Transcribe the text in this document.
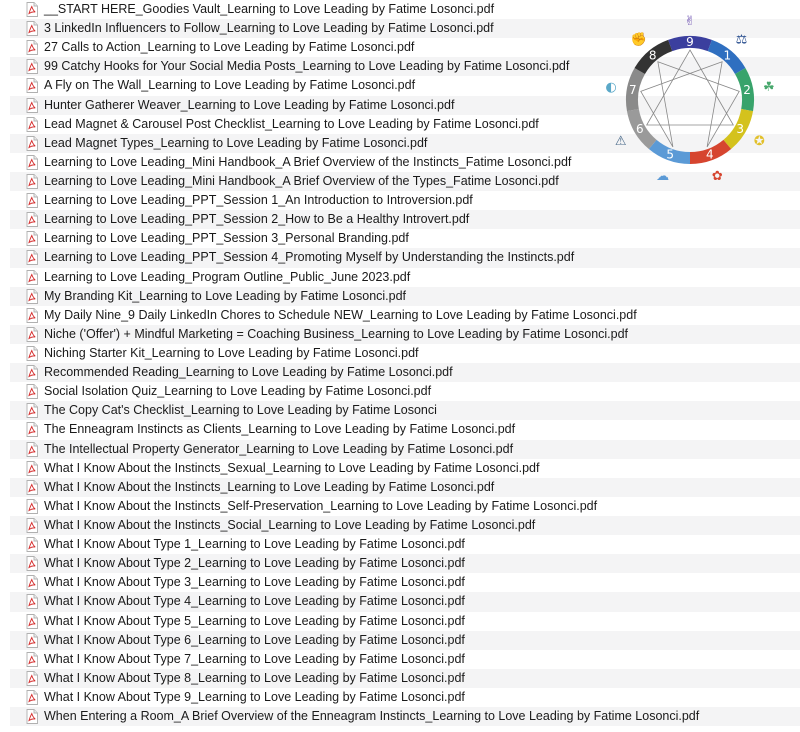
__START HERE_Goodies Vault_Learning to Love Leading by Fatime Losonci.pdf
3 LinkedIn Influencers to Follow_Learning to Love Leading by Fatime Losonci.pdf
27 Calls to Action_Learning to Love Leading by Fatime Losonci.pdf
99 Catchy Hooks for Your Social Media Posts_Learning to Love Leading by Fatime Losonci.pdf
A Fly on The Wall_Learning to Love Leading by Fatime Losonci.pdf
Hunter Gatherer Weaver_Learning to Love Leading by Fatime Losonci.pdf
Lead Magnet & Carousel Post Checklist_Learning to Love Leading by Fatime Losonci.pdf
Lead Magnet Types_Learning to Love Leading by Fatime Losonci.pdf
Learning to Love Leading_Mini Handbook_A Brief Overview of the Instincts_Fatime Losonci.pdf
Learning to Love Leading_Mini Handbook_A Brief Overview of the Types_Fatime Losonci.pdf
Learning to Love Leading_PPT_Session 1_An Introduction to Introversion.pdf
Learning to Love Leading_PPT_Session 2_How to Be a Healthy Introvert.pdf
Learning to Love Leading_PPT_Session 3_Personal Branding.pdf
Learning to Love Leading_PPT_Session 4_Promoting Myself by Understanding the Instincts.pdf
Learning to Love Leading_Program Outline_Public_June 2023.pdf
My Branding Kit_Learning to Love Leading by Fatime Losonci.pdf
My Daily Nine_9 Daily LinkedIn Chores to Schedule NEW_Learning to Love Leading by Fatime Losonci.pdf
Niche ('Offer') + Mindful Marketing = Coaching Business_Learning to Love Leading by Fatime Losonci.pdf
Niching Starter Kit_Learning to Love Leading by Fatime Losonci.pdf
Recommended Reading_Learning to Love Leading by Fatime Losonci.pdf
Social Isolation Quiz_Learning to Love Leading by Fatime Losonci.pdf
The Copy Cat's Checklist_Learning to Love Leading by Fatime Losonci
The Enneagram Instincts as Clients_Learning to Love Leading by Fatime Losonci.pdf
The Intellectual Property Generator_Learning to Love Leading by Fatime Losonci.pdf
What I Know About the Instincts_Sexual_Learning to Love Leading by Fatime Losonci.pdf
What I Know About the Instincts_Learning to Love Leading by Fatime Losonci.pdf
What I Know About the Instincts_Self-Preservation_Learning to Love Leading by Fatime Losonci.pdf
What I Know About the Instincts_Social_Learning to Love Leading by Fatime Losonci.pdf
What I Know About Type 1_Learning to Love Leading by Fatime Losonci.pdf
What I Know About Type 2_Learning to Love Leading by Fatime Losonci.pdf
What I Know About Type 3_Learning to Love Leading by Fatime Losonci.pdf
What I Know About Type 4_Learning to Love Leading by Fatime Losonci.pdf
What I Know About Type 5_Learning to Love Leading by Fatime Losonci.pdf
What I Know About Type 6_Learning to Love Leading by Fatime Losonci.pdf
What I Know About Type 7_Learning to Love Leading by Fatime Losonci.pdf
What I Know About Type 8_Learning to Love Leading by Fatime Losonci.pdf
What I Know About Type 9_Learning to Love Leading by Fatime Losonci.pdf
When Entering a Room_A Brief Overview of the Enneagram Instincts_Learning to Love Leading by Fatime Losonci.pdf
9
1
2
3
4
5
6
7
8
✌
⚖
☘
✪
✿
☁
⚠
◐
✊
